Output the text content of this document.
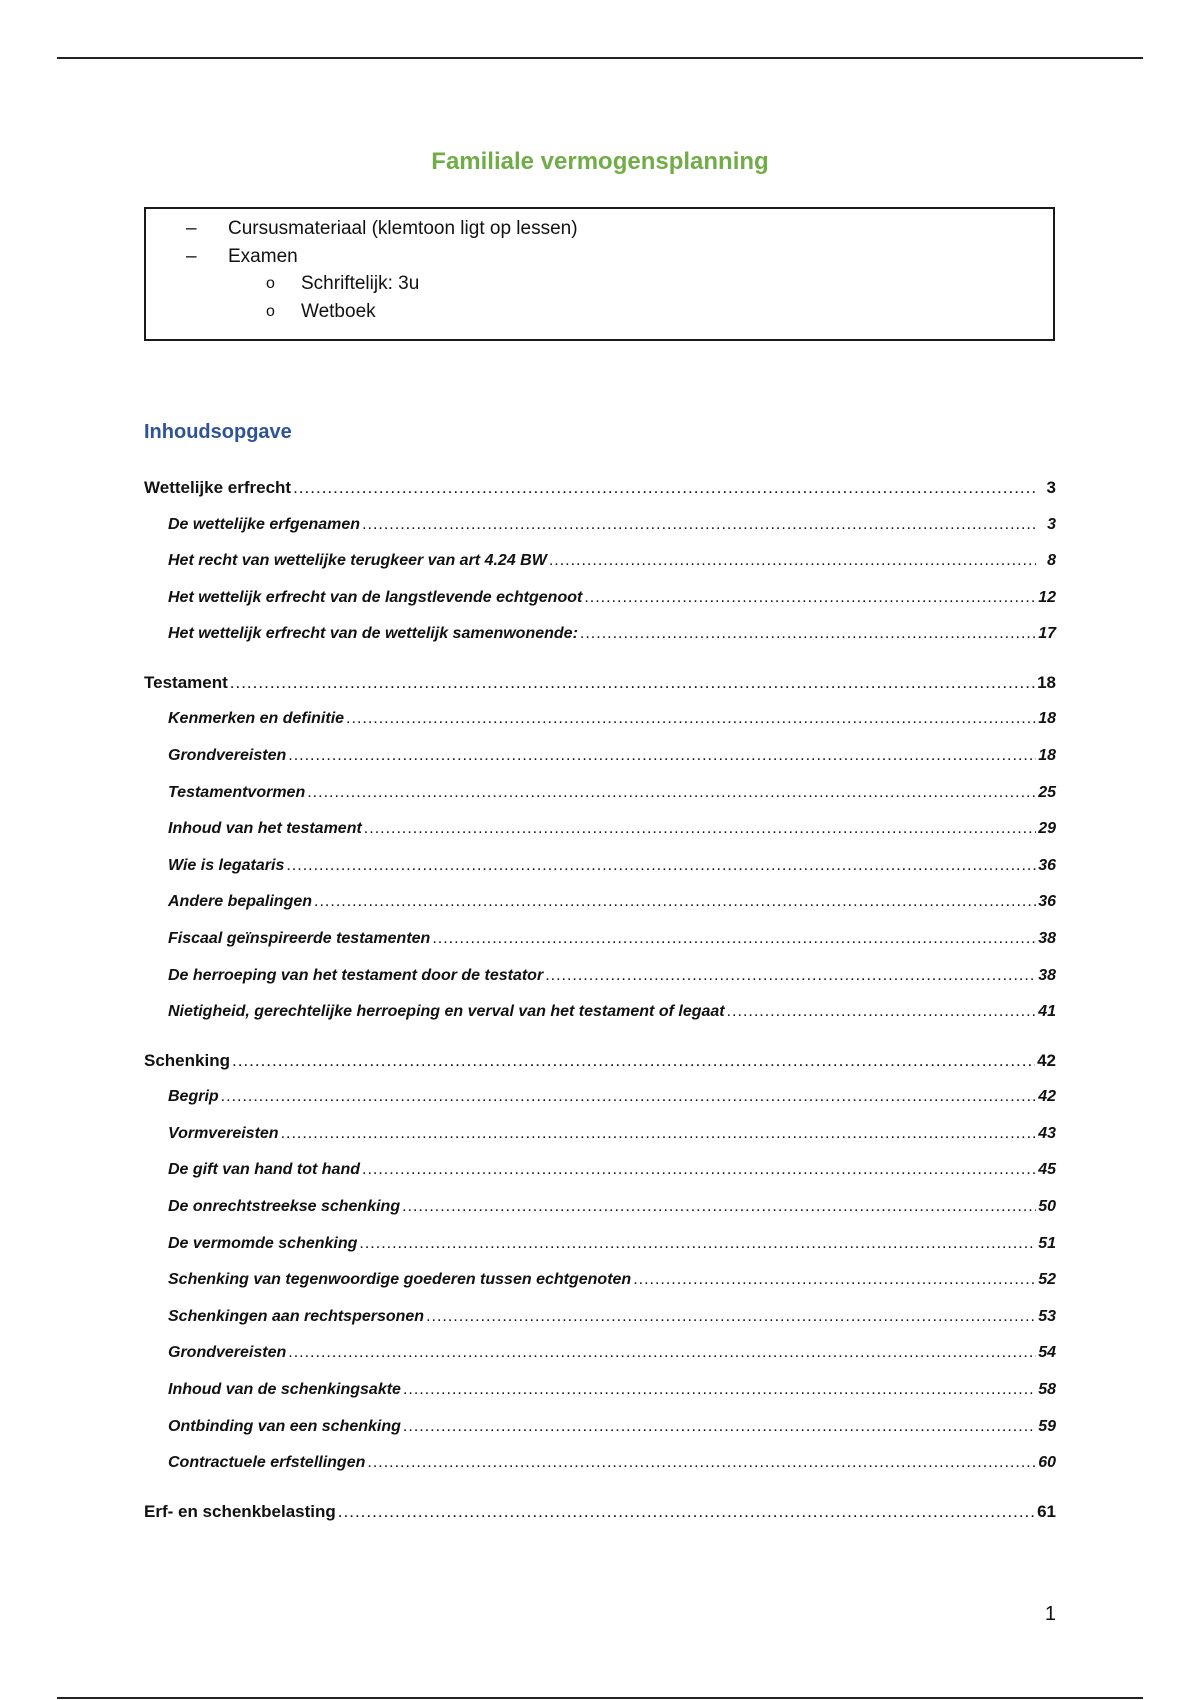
Familiale vermogensplanning
–	Cursusmateriaal (klemtoon ligt op lessen)
–	Examen
o	Schriftelijk: 3u
o	Wetboek
Inhoudsopgave
Wettelijke erfrecht .....	3
De wettelijke erfgenamen .....	3
Het recht van wettelijke terugkeer van art 4.24 BW .....	8
Het wettelijk erfrecht van de langstlevende echtgenoot .....	12
Het wettelijk erfrecht van de wettelijk samenwonende: .....	17
Testament .....	18
Kenmerken en definitie .....	18
Grondvereisten .....	18
Testamentvormen .....	25
Inhoud van het testament .....	29
Wie is legataris .....	36
Andere bepalingen .....	36
Fiscaal geïnspireerde testamenten .....	38
De herroeping van het testament door de testator .....	38
Nietigheid, gerechtelijke herroeping en verval van het testament of legaat .....	41
Schenking .....	42
Begrip .....	42
Vormvereisten .....	43
De gift van hand tot hand .....	45
De onrechtstreekse schenking .....	50
De vermomde schenking .....	51
Schenking van tegenwoordige goederen tussen echtgenoten .....	52
Schenkingen aan rechtspersonen .....	53
Grondvereisten .....	54
Inhoud van de schenkingsakte .....	58
Ontbinding van een schenking .....	59
Contractuele erfstellingen .....	60
Erf- en schenkbelasting .....	61
1
